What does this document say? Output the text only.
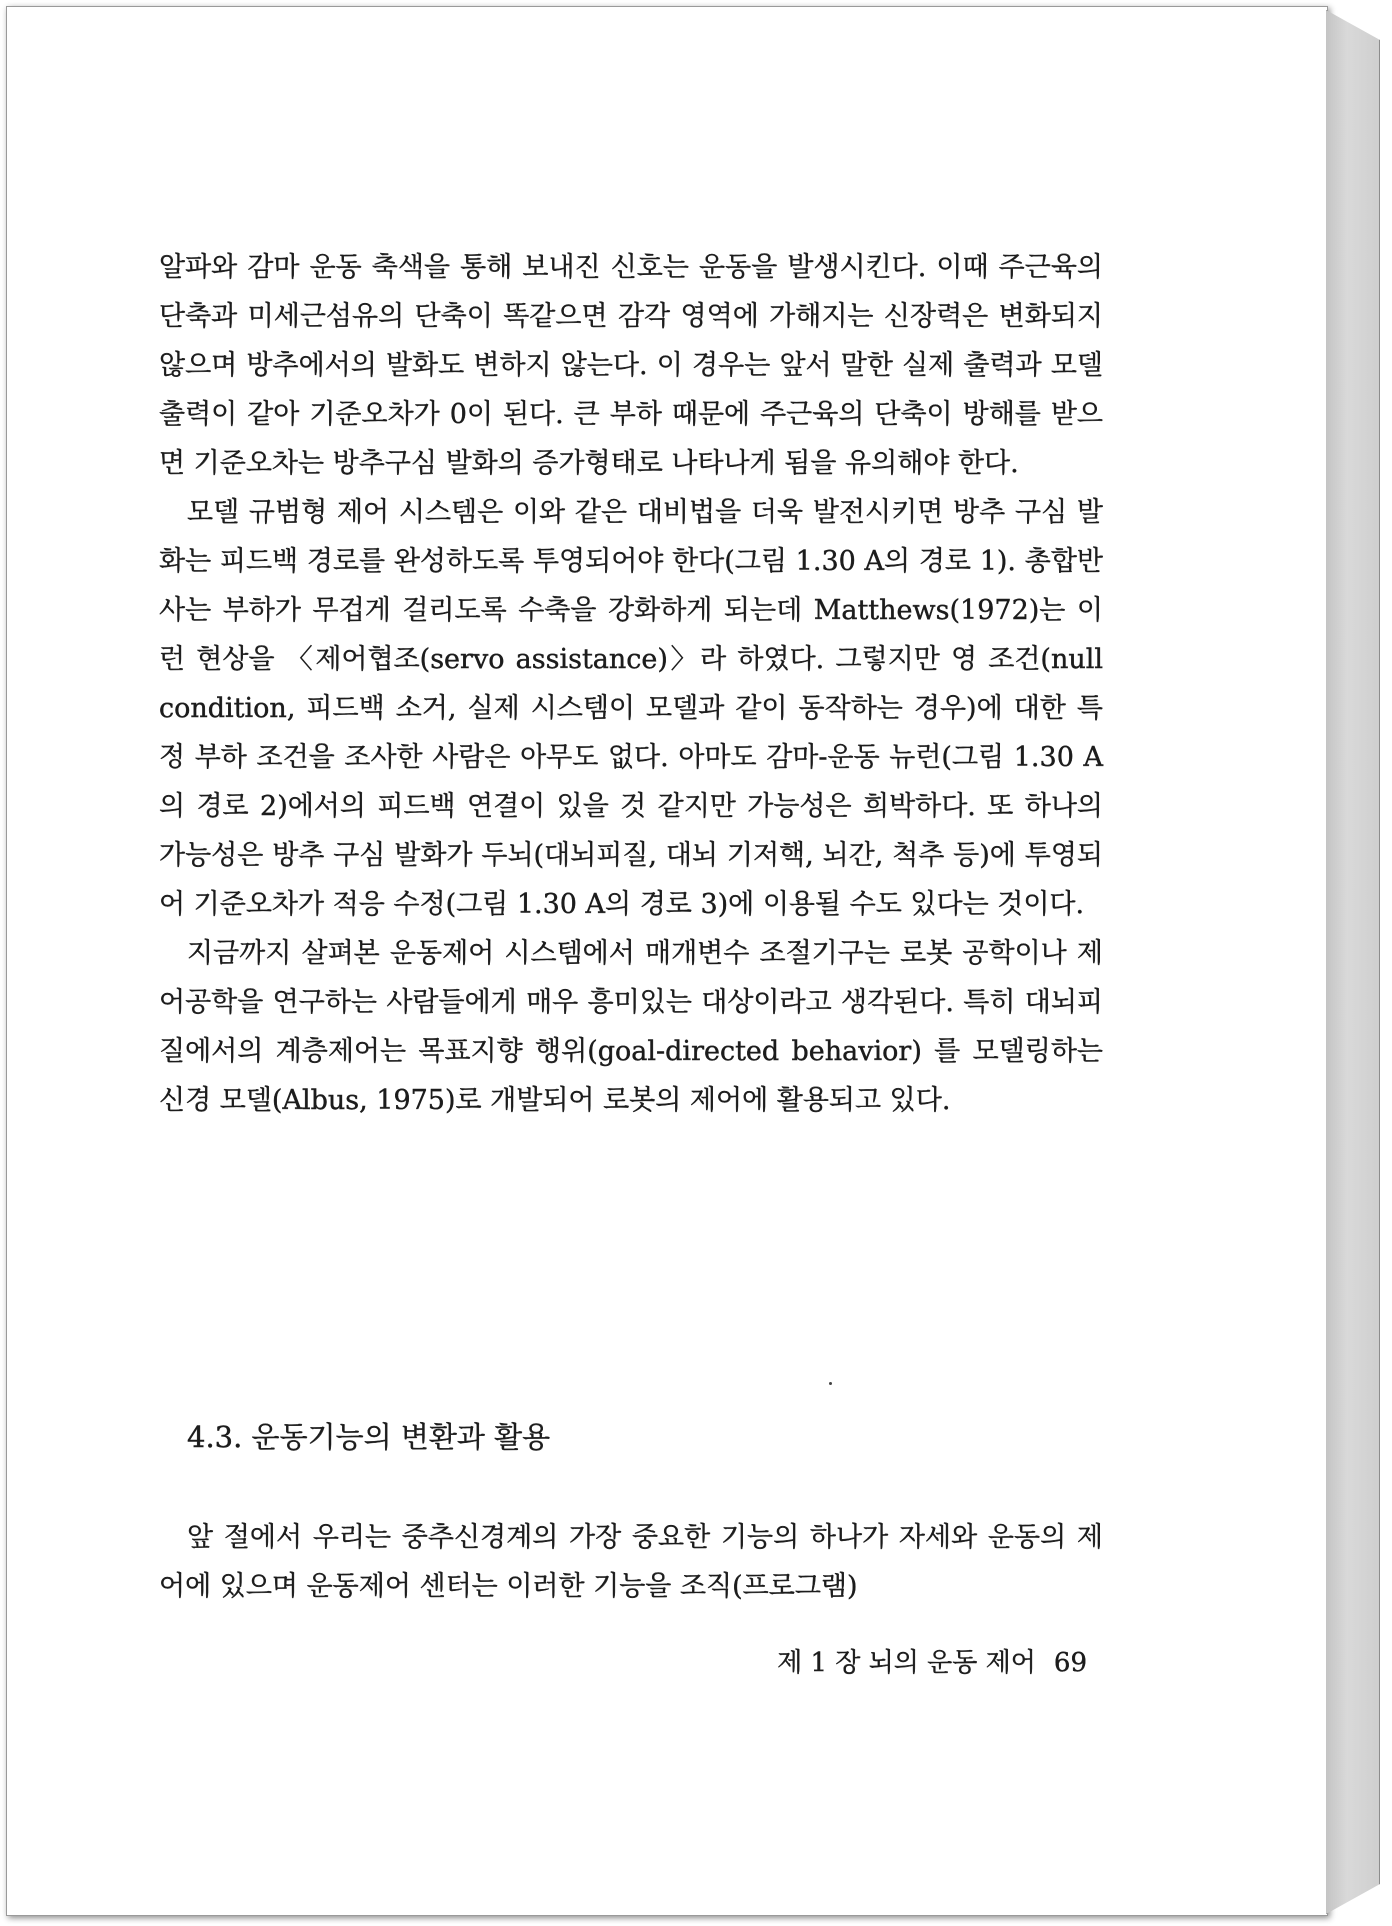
알파와 감마 운동 축색을 통해 보내진 신호는 운동을 발생시킨다. 이때 주근육의 단축과 미세근섬유의 단축이 똑같으면 감각 영역에 가해지는 신장력은 변화되지 않으며 방추에서의 발화도 변하지 않는다. 이 경우는 앞서 말한 실제 출력과 모델 출력이 같아 기준오차가 0이 된다. 큰 부하 때문에 주근육의 단축이 방해를 받으면 기준오차는 방추구심 발화의 증가형태로 나타나게 됨을 유의해야 한다.

모델 규범형 제어 시스템은 이와 같은 대비법을 더욱 발전시키면 방추 구심 발화는 피드백 경로를 완성하도록 투영되어야 한다(그림 1.30 A의 경로 1). 총합반사는 부하가 무겁게 걸리도록 수축을 강화하게 되는데 Matthews(1972)는 이런 현상을 〈제어협조(servo assistance)〉라 하였다. 그렇지만 영 조건(null condition, 피드백 소거, 실제 시스템이 모델과 같이 동작하는 경우)에 대한 특정 부하 조건을 조사한 사람은 아무도 없다. 아마도 감마-운동 뉴런(그림 1.30 A의 경로 2)에서의 피드백 연결이 있을 것 같지만 가능성은 희박하다. 또 하나의 가능성은 방추 구심 발화가 두뇌(대뇌피질, 대뇌 기저핵, 뇌간, 척추 등)에 투영되어 기준오차가 적응 수정(그림 1.30 A의 경로 3)에 이용될 수도 있다는 것이다.

지금까지 살펴본 운동제어 시스템에서 매개변수 조절기구는 로봇 공학이나 제어공학을 연구하는 사람들에게 매우 흥미있는 대상이라고 생각된다. 특히 대뇌피질에서의 계층제어는 목표지향 행위(goal-directed behavior) 를 모델링하는 신경 모델(Albus, 1975)로 개발되어 로봇의 제어에 활용되고 있다.

4.3. 운동기능의 변환과 활용

앞 절에서 우리는 중추신경계의 가장 중요한 기능의 하나가 자세와 운동의 제어에 있으며 운동제어 센터는 이러한 기능을 조직(프로그램)

제 1 장 뇌의 운동 제어 69
